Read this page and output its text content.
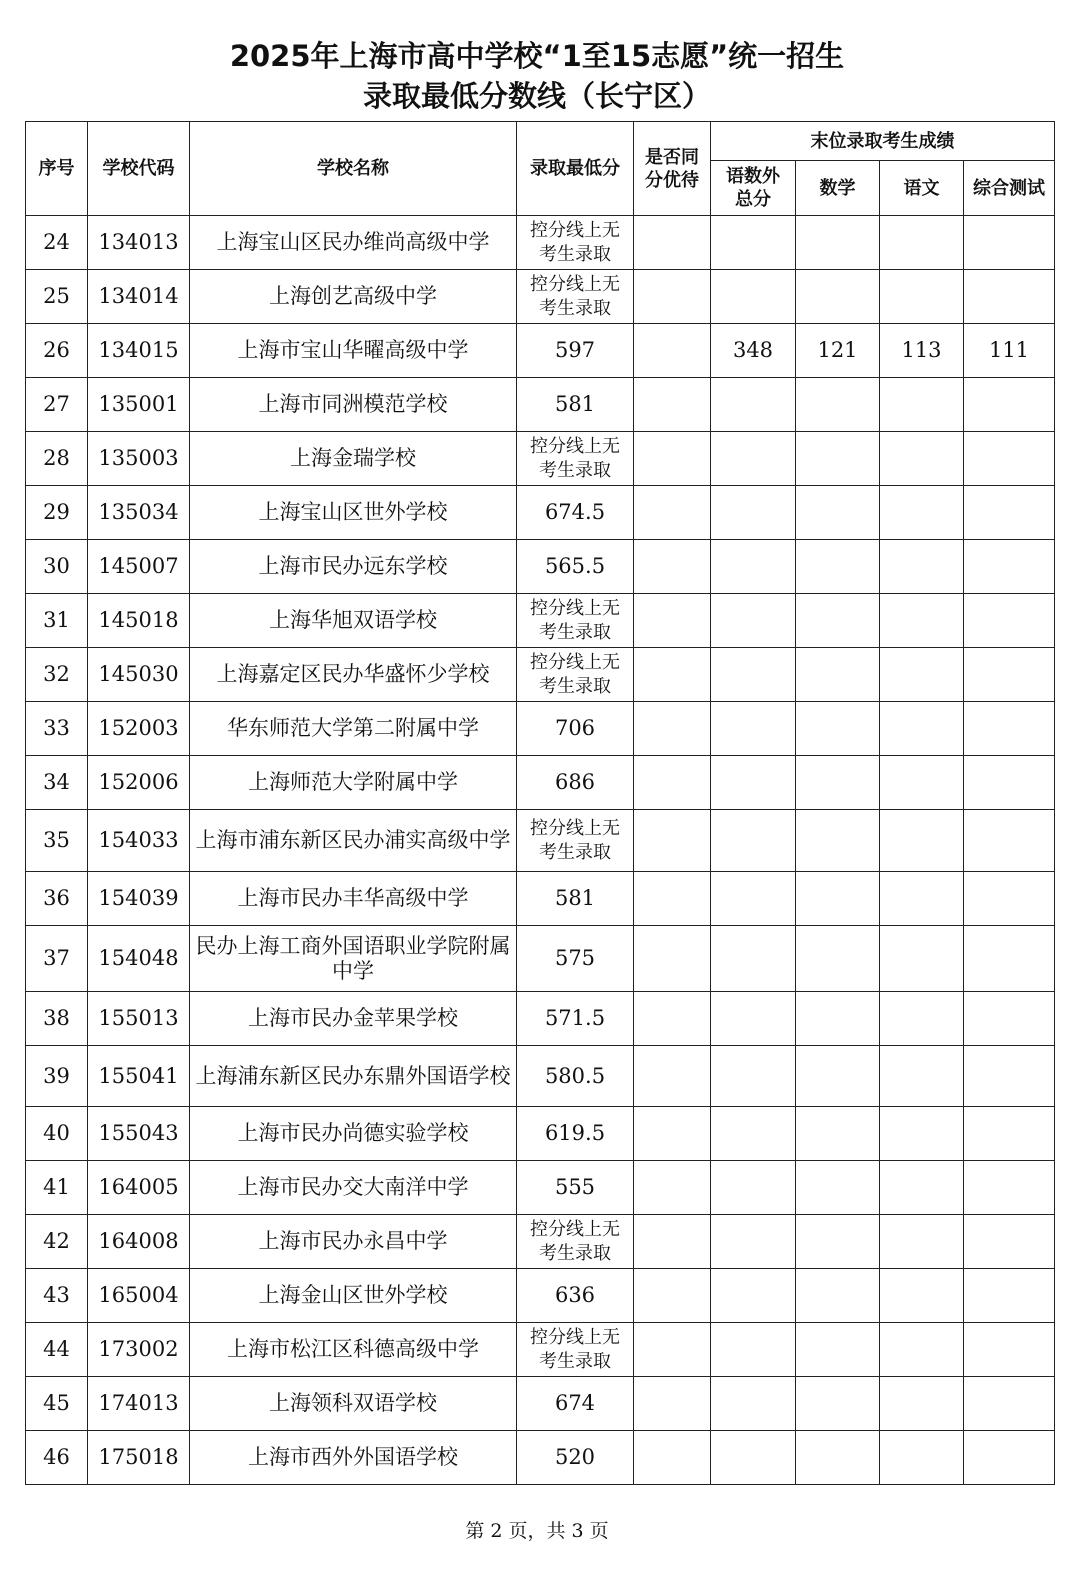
2025年上海市高中学校“1至15志愿”统一招生
录取最低分数线（长宁区）
序号	学校代码	学校名称	录取最低分	是否同分优待	末位录取考生成绩			
					语数外总分	数学	语文	综合测试
24	134013	上海宝山区民办维尚高级中学	控分线上无考生录取					
25	134014	上海创艺高级中学	控分线上无考生录取					
26	134015	上海市宝山华曜高级中学	597		348	121	113	111
27	135001	上海市同洲模范学校	581					
28	135003	上海金瑞学校	控分线上无考生录取					
29	135034	上海宝山区世外学校	674.5					
30	145007	上海市民办远东学校	565.5					
31	145018	上海华旭双语学校	控分线上无考生录取					
32	145030	上海嘉定区民办华盛怀少学校	控分线上无考生录取					
33	152003	华东师范大学第二附属中学	706					
34	152006	上海师范大学附属中学	686					
35	154033	上海市浦东新区民办浦实高级中学	控分线上无考生录取					
36	154039	上海市民办丰华高级中学	581					
37	154048	民办上海工商外国语职业学院附属中学	575					
38	155013	上海市民办金苹果学校	571.5					
39	155041	上海浦东新区民办东鼎外国语学校	580.5					
40	155043	上海市民办尚德实验学校	619.5					
41	164005	上海市民办交大南洋中学	555					
42	164008	上海市民办永昌中学	控分线上无考生录取					
43	165004	上海金山区世外学校	636					
44	173002	上海市松江区科德高级中学	控分线上无考生录取					
45	174013	上海领科双语学校	674					
46	175018	上海市西外外国语学校	520					
第 2 页，共 3 页
